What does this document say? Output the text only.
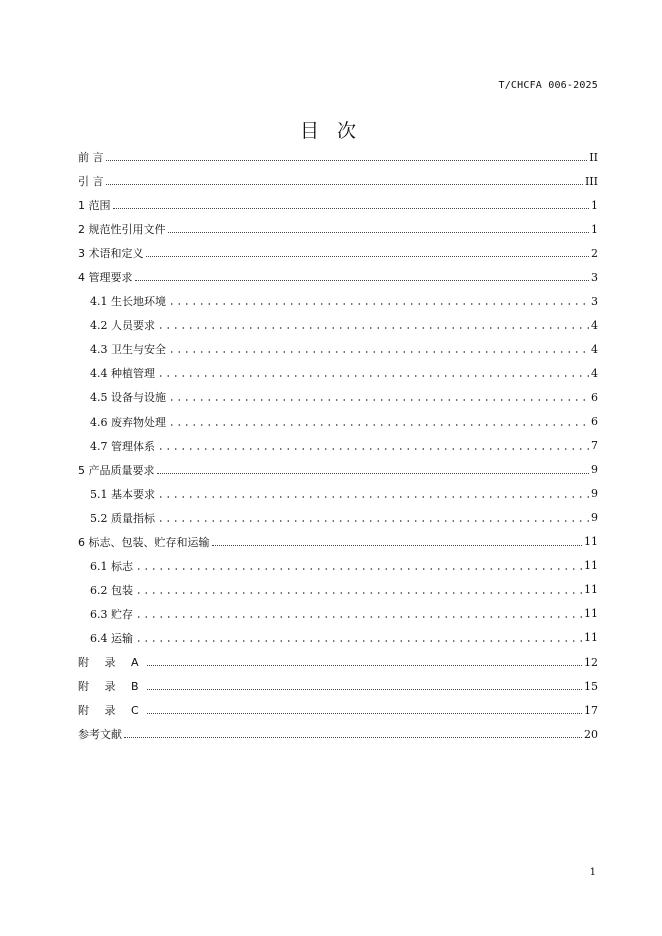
T/CHCFA 006-2025
目 次
前 言	II
引 言	III
1 范围	1
2 规范性引用文件	1
3 术语和定义	2
4 管理要求	3
4.1 生长地环境	3
4.2 人员要求	4
4.3 卫生与安全	4
4.4 种植管理	4
4.5 设备与设施	6
4.6 废弃物处理	6
4.7 管理体系	7
5 产品质量要求	9
5.1 基本要求	9
5.2 质量指标	9
6 标志、包装、贮存和运输	11
6.1 标志	11
6.2 包装	11
6.3 贮存	11
6.4 运输	11
附 录 A	12
附 录 B	15
附 录 C	17
参考文献	20
1
